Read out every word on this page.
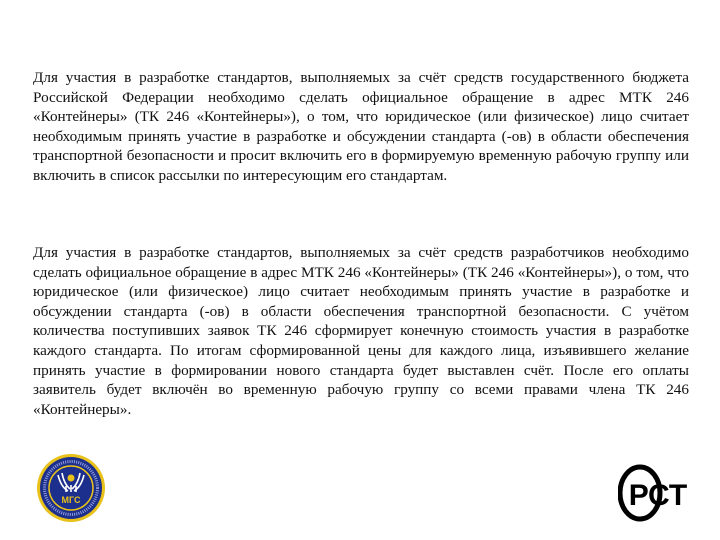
Для участия в разработке стандартов, выполняемых за счёт средств государственного бюджета Российской Федерации необходимо сделать официальное обращение в адрес МТК 246 «Контейнеры» (ТК 246 «Контейнеры»), о том, что юридическое (или физическое) лицо считает необходимым принять участие в разработке и обсуждении стандарта (-ов) в области обеспечения транспортной безопасности и просит включить его в формируемую временную рабочую группу или включить в список рассылки по интересующим его стандартам.

Для участия в разработке стандартов, выполняемых за счёт средств разработчиков необходимо сделать официальное обращение в адрес МТК 246 «Контейнеры» (ТК 246 «Контейнеры»), о том, что юридическое (или физическое) лицо считает необходимым принять участие в разработке и обсуждении стандарта (-ов) в области обеспечения транспортной безопасности. С учётом количества поступивших заявок ТК 246 сформирует конечную стоимость участия в разработке каждого стандарта. По итогам сформированной цены для каждого лица, изъявившего желание принять участие в формировании нового стандарта будет выставлен счёт. После его оплаты заявитель будет включён во временную рабочую группу со всеми правами члена ТК 246 «Контейнеры».

МГС	РСТ
